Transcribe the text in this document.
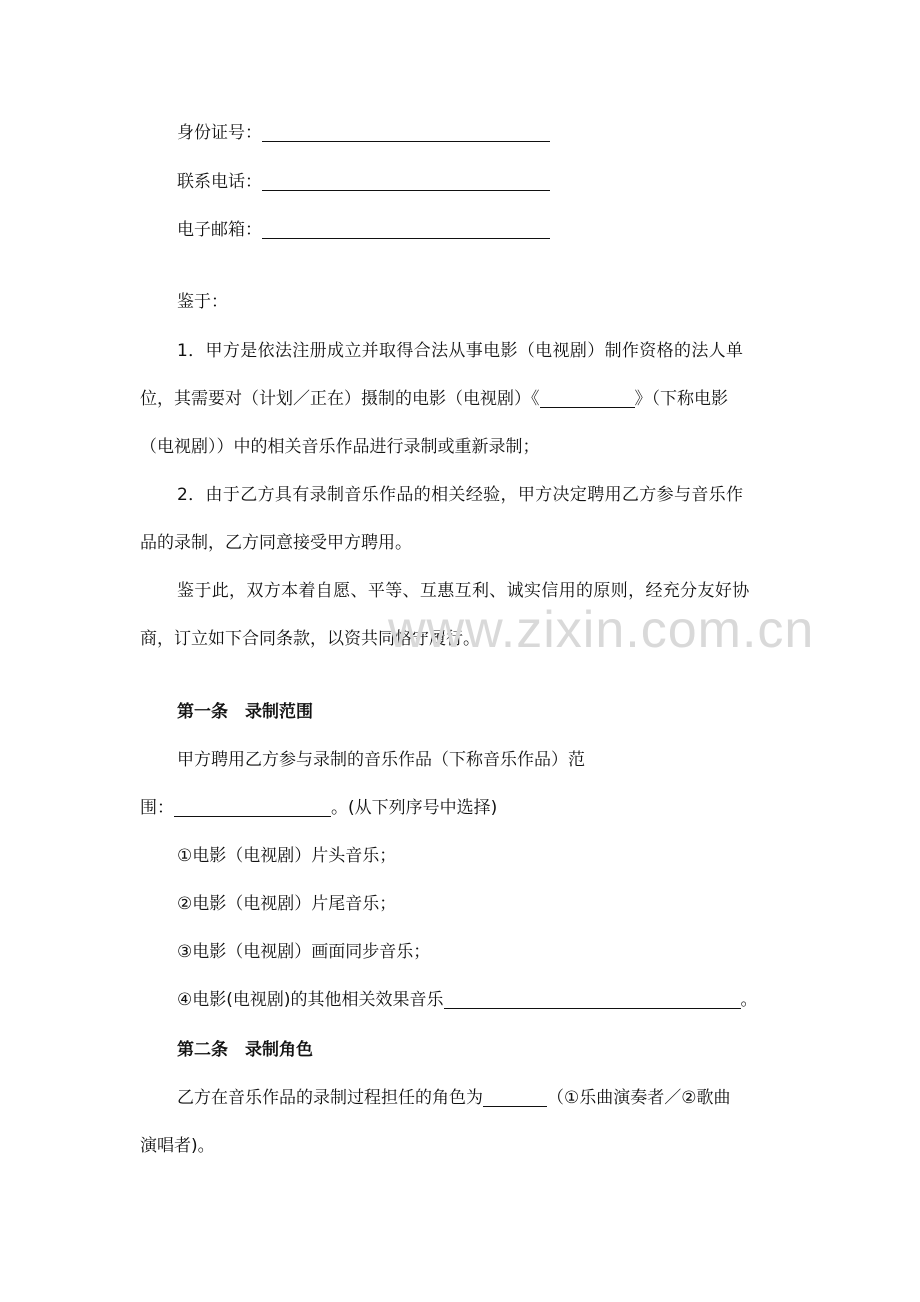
身份证号：
联系电话：
电子邮箱：
鉴于：
1．甲方是依法注册成立并取得合法从事电影（电视剧）制作资格的法人单
位，其需要对（计划／正在）摄制的电影（电视剧）《	》（下称电影
（电视剧））中的相关音乐作品进行录制或重新录制；
2．由于乙方具有录制音乐作品的相关经验，甲方决定聘用乙方参与音乐作
品的录制，乙方同意接受甲方聘用。
鉴于此，双方本着自愿、平等、互惠互利、诚实信用的原则，经充分友好协
商，订立如下合同条款，以资共同恪守履行。
www.zixin.com.cn
第一条　录制范围
甲方聘用乙方参与录制的音乐作品（下称音乐作品）范
围：	。(从下列序号中选择)
①电影（电视剧）片头音乐；
②电影（电视剧）片尾音乐；
③电影（电视剧）画面同步音乐；
④电影(电视剧)的其他相关效果音乐	。
第二条　录制角色
乙方在音乐作品的录制过程担任的角色为	（①乐曲演奏者／②歌曲
演唱者)。
